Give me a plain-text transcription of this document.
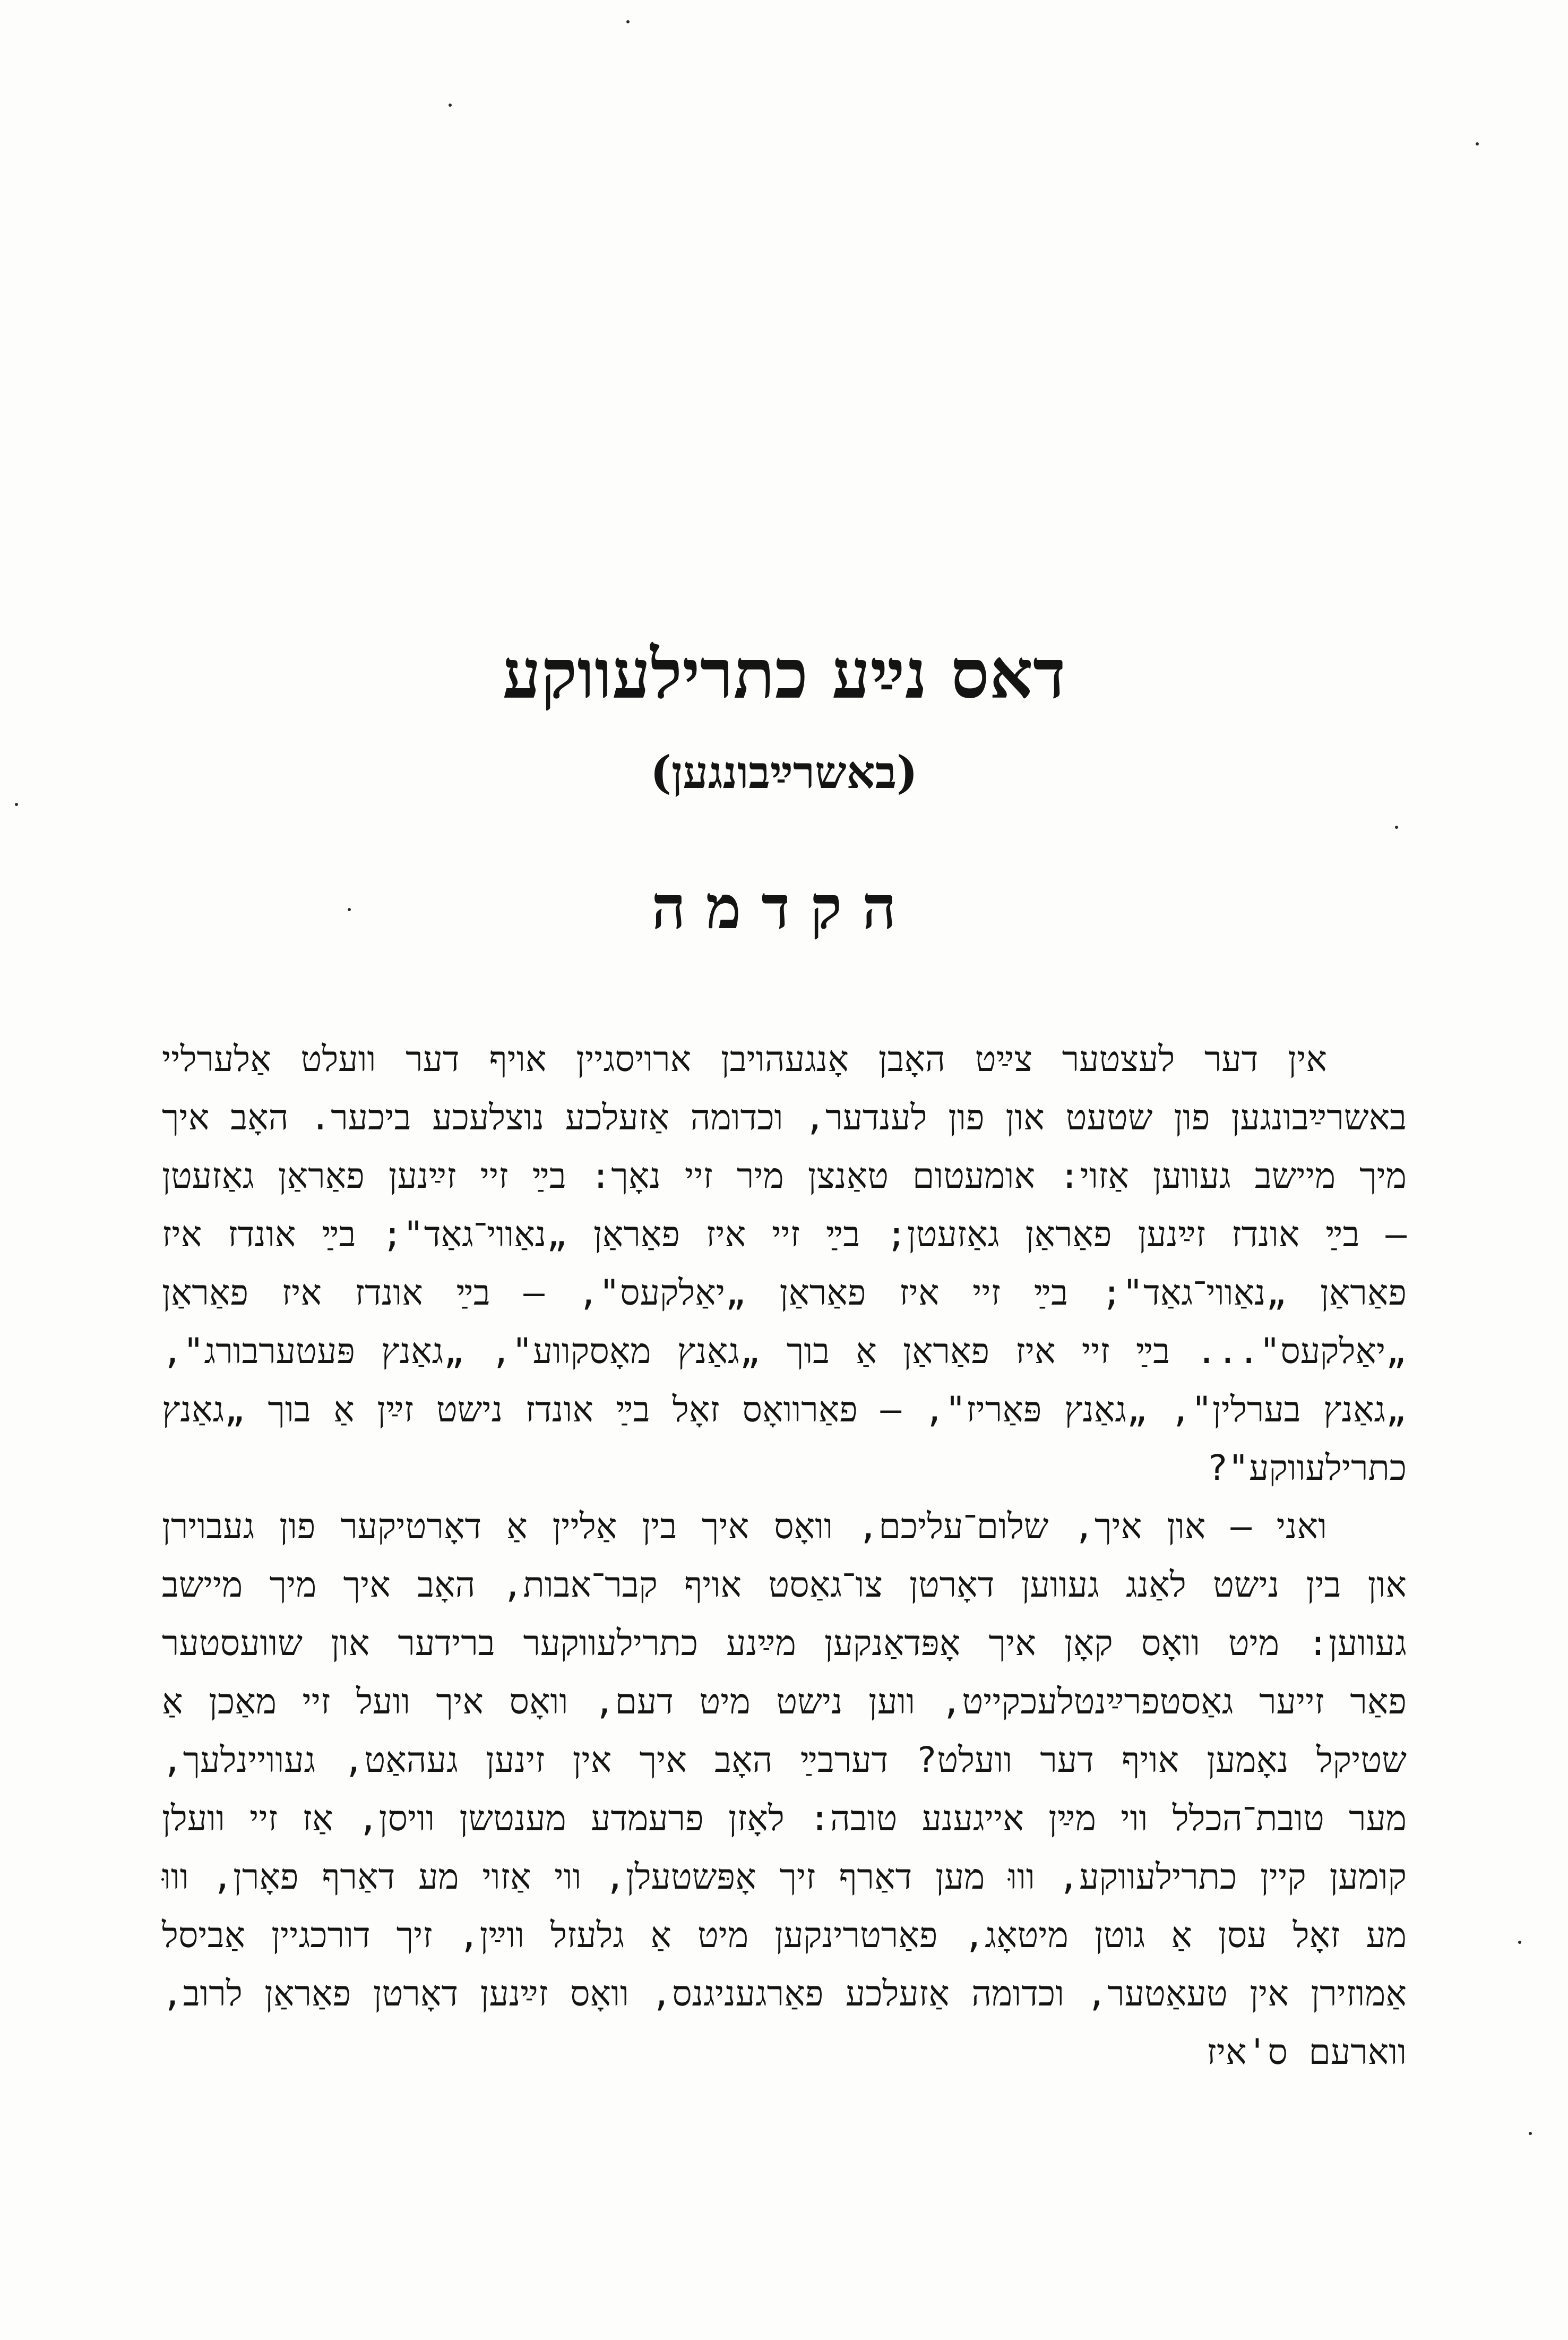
דאס נײַע כתריל‏עווקע
(באשרײַבונגען)
הקדמה

אין דער לעצטער צײַט האָבן אָנגעהויבן ארויסגיין אויף דער וועלט אַלערליי באשרײַבונגען פון שטעט און פון לענדער, וכדומה אַזעלכע נוצלעכע ביכער. האָב איך מיך מיישב געווען אַזוי: אומעטום טאַנצן מיר זיי נאָך: בײַ זיי זײַנען פאַראַן גאַזעטן — בײַ אונדז זײַנען פאַראַן גאַזעטן; בײַ זיי איז פאַראַן „נאַווי־גאַד"; בײַ אונדז איז פאַראַן „נאַווי־גאַד"; בײַ זיי איז פאַראַן „יאַלקעס", — בײַ אונדז איז פאַראַן „יאַלקעס"... בײַ זיי איז פאַראַן אַ בוך „גאַנץ מאָסקווע", „גאַנץ פּעטערבורג", „גאַנץ בערלין", „גאַנץ פּאַריז", — פאַרוואָס זאָל בײַ אונדז נישט זײַן אַ בוך „גאַנץ כתריל‏עווקע"?

ואני — און איך, שלום־עליכם, וואָס איך בין אַליין אַ דאָרטיקער פון געבוירן און בין נישט לאַנג געווען דאָרטן צו־גאַסט אויף קבר־אבות, האָב איך מיך מיישב געווען: מיט וואָס קאָן איך אָפּדאַנקען מײַנע כתריל‏עווקער ברידער און שוועסטער פאַר זייער גאַסטפרײַנטלעכקייט, ווען נישט מיט דעם, וואָס איך וועל זיי מאַכן אַ שטיקל נאָמען אויף דער וועלט? דערבײַ האָב איך אין זינען געהאַט, געוויינלעך, מער טובת־הכלל ווי מײַן אייגענע טובה: לאָזן פרעמדע מענטשן וויסן, אַז זיי וועלן קומען קיין כתריל‏עווקע, וווּ מען דאַרף זיך אָפּשטעלן, ווי אַזוי מע דאַרף פאָרן, וווּ מע זאָל עסן אַ גוטן מיטאָג, פאַרטרינקען מיט אַ גלעזל ווײַן, זיך דורכגיין אַביסל אַמוזירן אין טעאַטער, וכדומה אַזעלכע פאַרגעניגנס, וואָס זײַנען דאָרטן פאַראַן לרוב, ווארעם ס'איז
